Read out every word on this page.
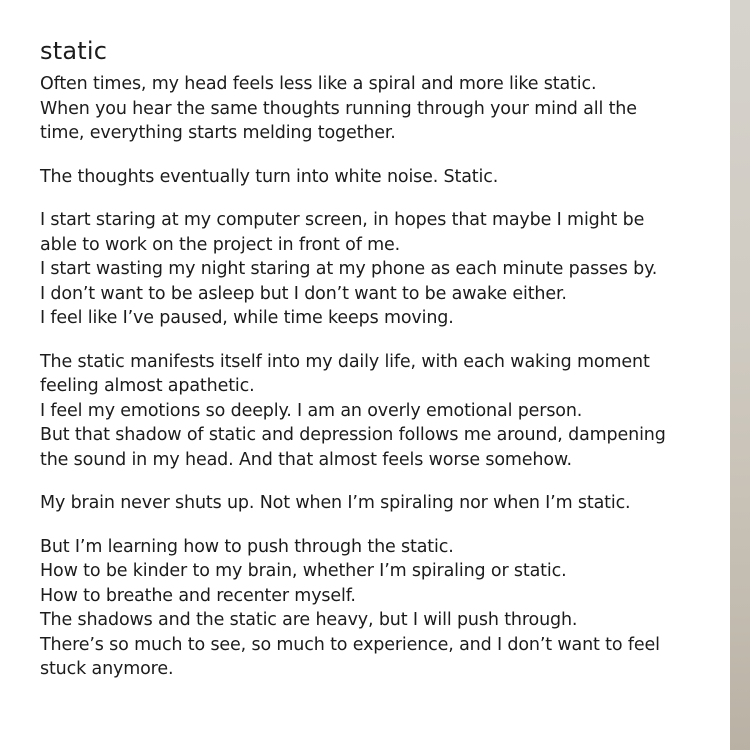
static
Often times, my head feels less like a spiral and more like static.
When you hear the same thoughts running through your mind all the
time, everything starts melding together.
The thoughts eventually turn into white noise. Static.
I start staring at my computer screen, in hopes that maybe I might be
able to work on the project in front of me.
I start wasting my night staring at my phone as each minute passes by.
I don’t want to be asleep but I don’t want to be awake either.
I feel like I’ve paused, while time keeps moving.
The static manifests itself into my daily life, with each waking moment
feeling almost apathetic.
I feel my emotions so deeply. I am an overly emotional person.
But that shadow of static and depression follows me around, dampening
the sound in my head. And that almost feels worse somehow.
My brain never shuts up. Not when I’m spiraling nor when I’m static.
But I’m learning how to push through the static.
How to be kinder to my brain, whether I’m spiraling or static.
How to breathe and recenter myself.
The shadows and the static are heavy, but I will push through.
There’s so much to see, so much to experience, and I don’t want to feel
stuck anymore.
